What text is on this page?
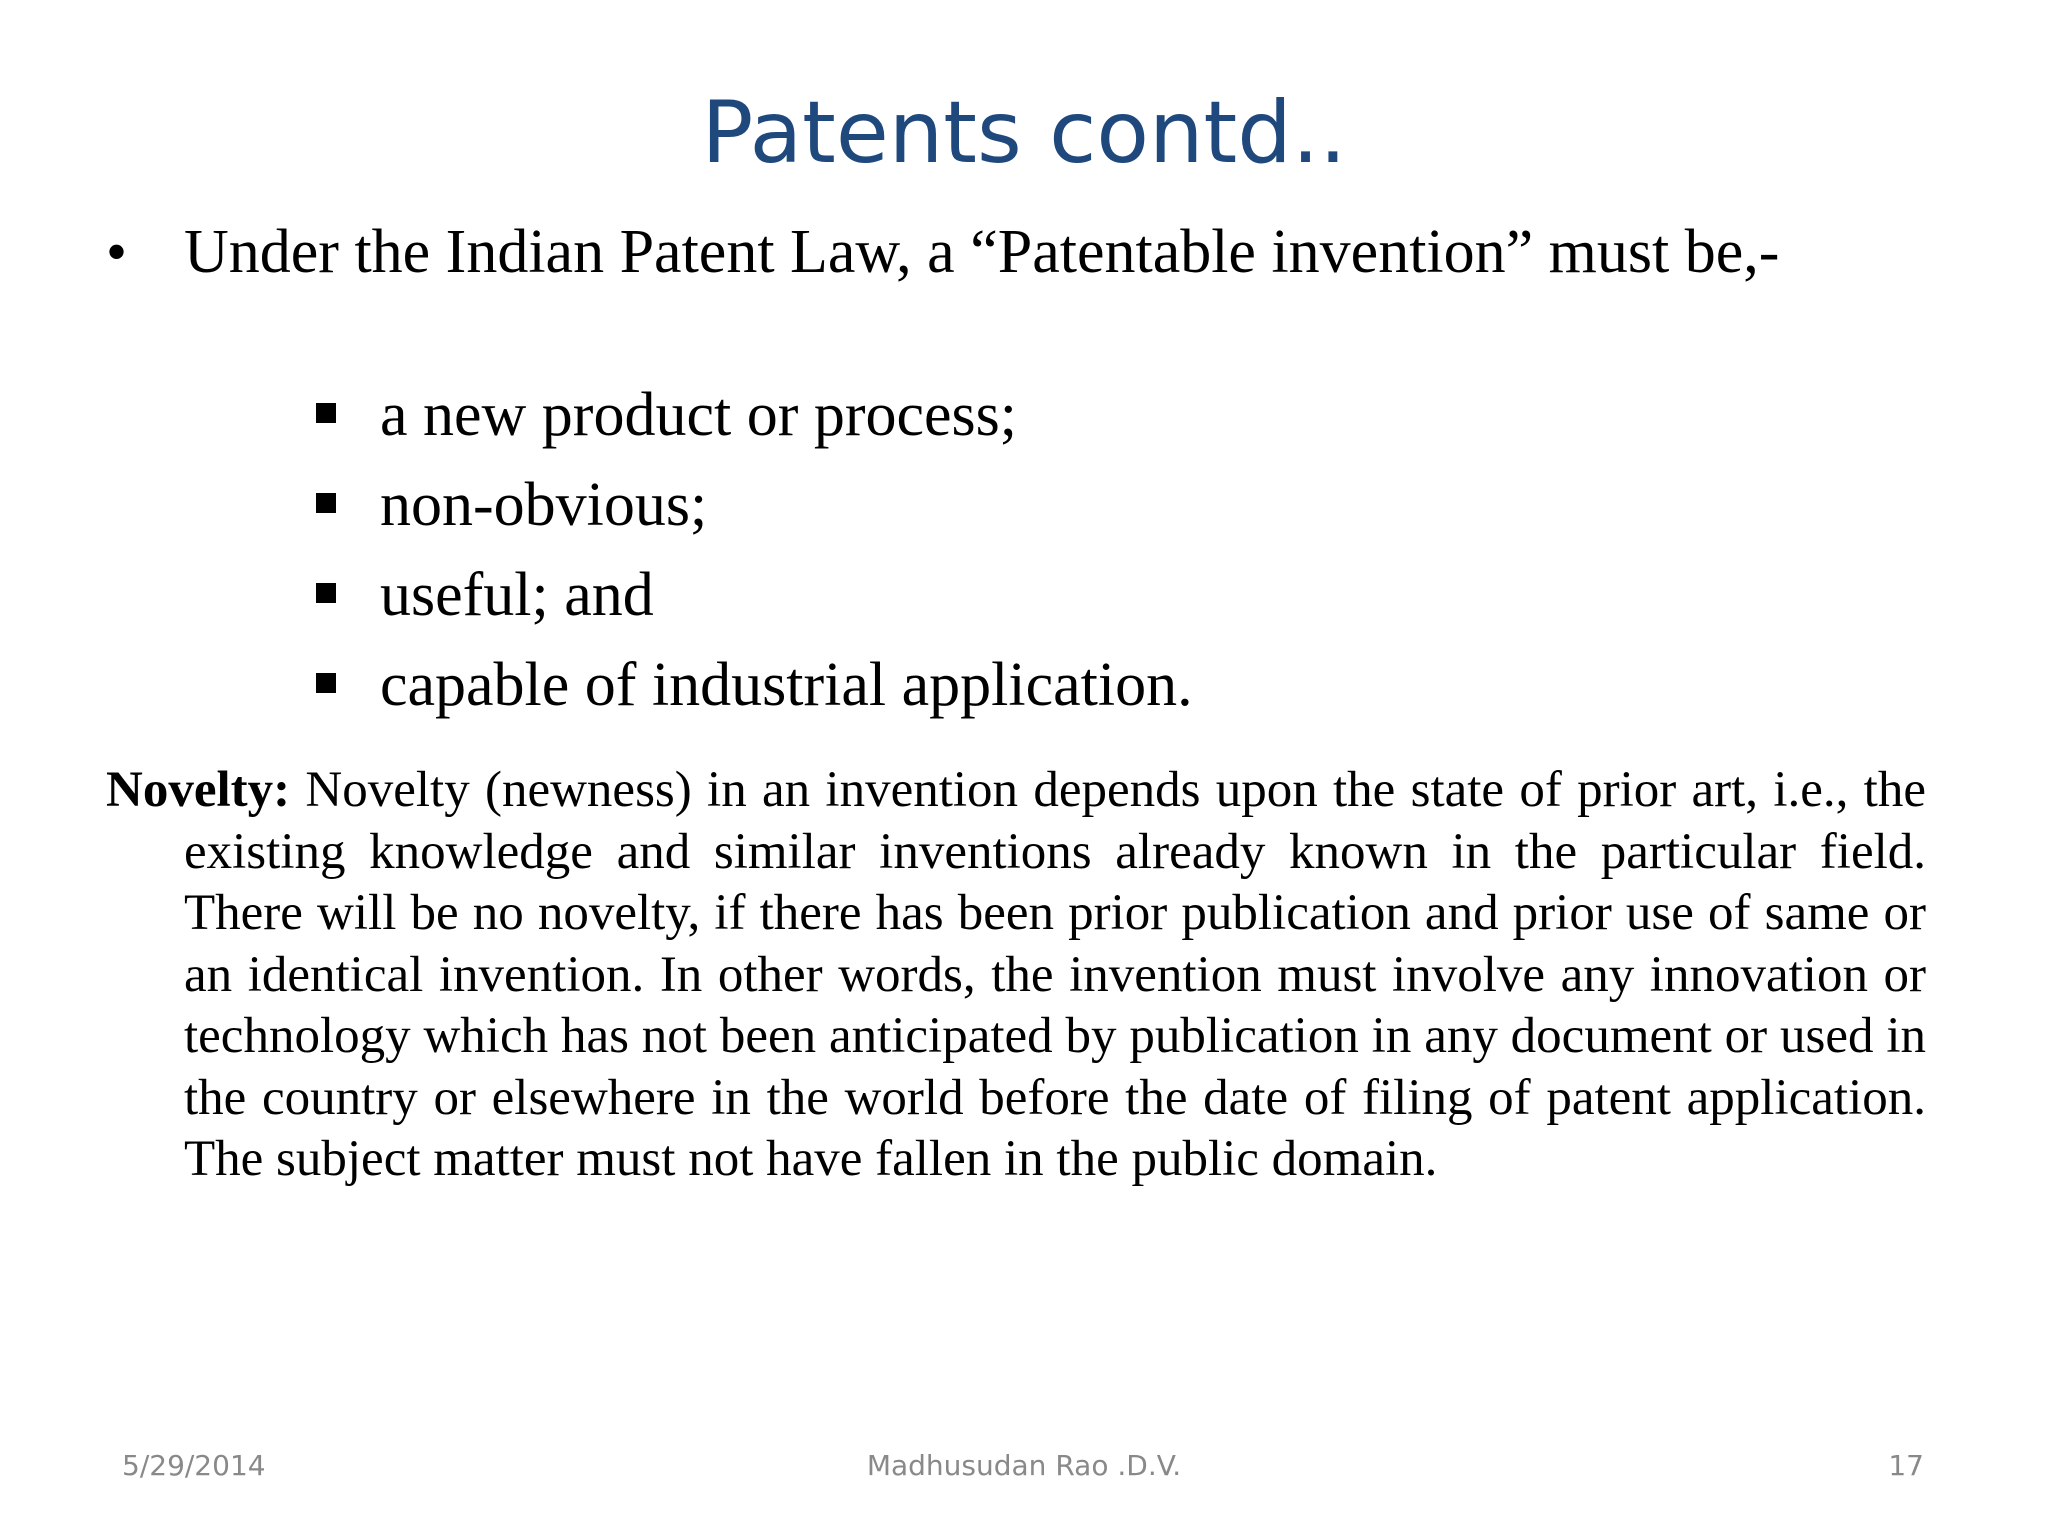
Patents contd..
• Under the Indian Patent Law, a “Patentable invention” must be,-
a new product or process;
non-obvious;
useful; and
capable of industrial application.
Novelty: Novelty (newness) in an invention depends upon the state of prior art, i.e., the existing knowledge and similar inventions already known in the particular field. There will be no novelty, if there has been prior publication and prior use of same or an identical invention. In other words, the invention must involve any innovation or technology which has not been anticipated by publication in any document or used in the country or elsewhere in the world before the date of filing of patent application. The subject matter must not have fallen in the public domain.
5/29/2014	Madhusudan Rao .D.V.	17
